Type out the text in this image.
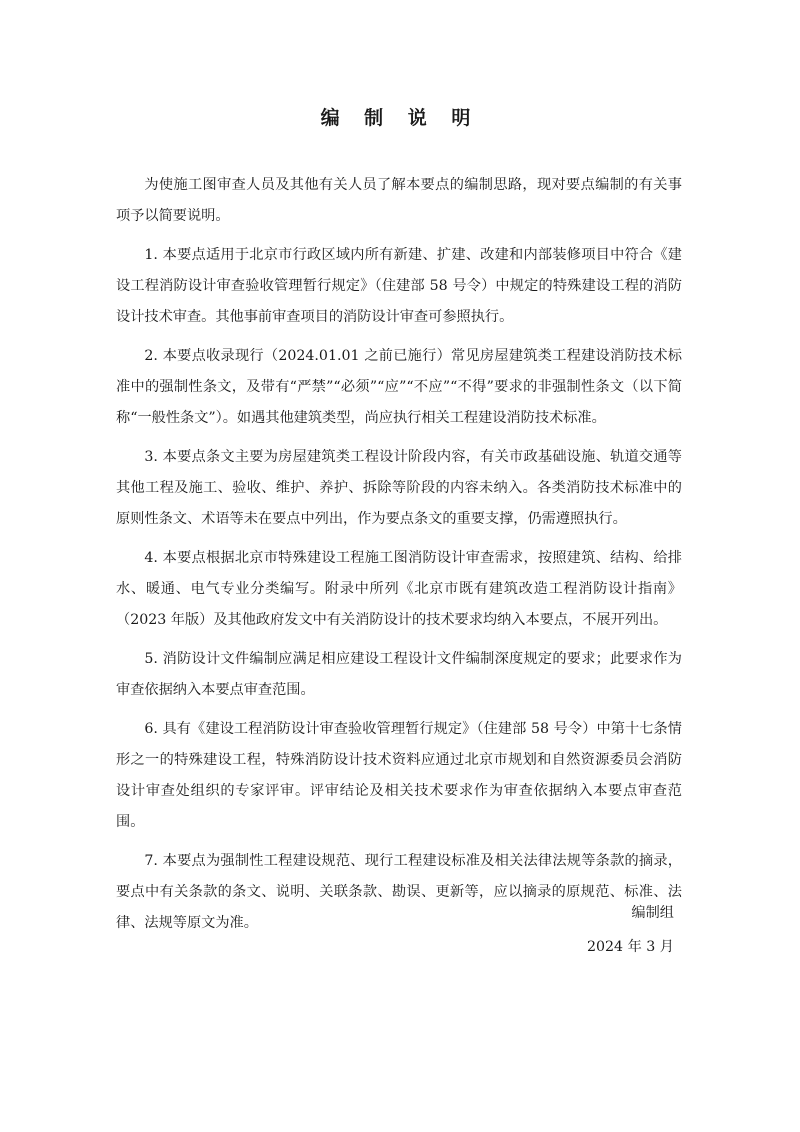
编 制 说 明

为使施工图审查人员及其他有关人员了解本要点的编制思路，现对要点编制的有关事项予以简要说明。

1. 本要点适用于北京市行政区域内所有新建、扩建、改建和内部装修项目中符合《建设工程消防设计审查验收管理暂行规定》（住建部 58 号令）中规定的特殊建设工程的消防设计技术审查。其他事前审查项目的消防设计审查可参照执行。

2. 本要点收录现行（2024.01.01 之前已施行）常见房屋建筑类工程建设消防技术标准中的强制性条文，及带有“严禁”“必须”“应”“不应”“不得”要求的非强制性条文（以下简称“一般性条文”）。如遇其他建筑类型，尚应执行相关工程建设消防技术标准。

3. 本要点条文主要为房屋建筑类工程设计阶段内容，有关市政基础设施、轨道交通等其他工程及施工、验收、维护、养护、拆除等阶段的内容未纳入。各类消防技术标准中的原则性条文、术语等未在要点中列出，作为要点条文的重要支撑，仍需遵照执行。

4. 本要点根据北京市特殊建设工程施工图消防设计审查需求，按照建筑、结构、给排水、暖通、电气专业分类编写。附录中所列《北京市既有建筑改造工程消防设计指南》（2023 年版）及其他政府发文中有关消防设计的技术要求均纳入本要点，不展开列出。

5. 消防设计文件编制应满足相应建设工程设计文件编制深度规定的要求；此要求作为审查依据纳入本要点审查范围。

6. 具有《建设工程消防设计审查验收管理暂行规定》（住建部 58 号令）中第十七条情形之一的特殊建设工程，特殊消防设计技术资料应通过北京市规划和自然资源委员会消防设计审查处组织的专家评审。评审结论及相关技术要求作为审查依据纳入本要点审查范围。

7. 本要点为强制性工程建设规范、现行工程建设标准及相关法律法规等条款的摘录，要点中有关条款的条文、说明、关联条款、勘误、更新等，应以摘录的原规范、标准、法律、法规等原文为准。

编制组
2024 年 3 月
